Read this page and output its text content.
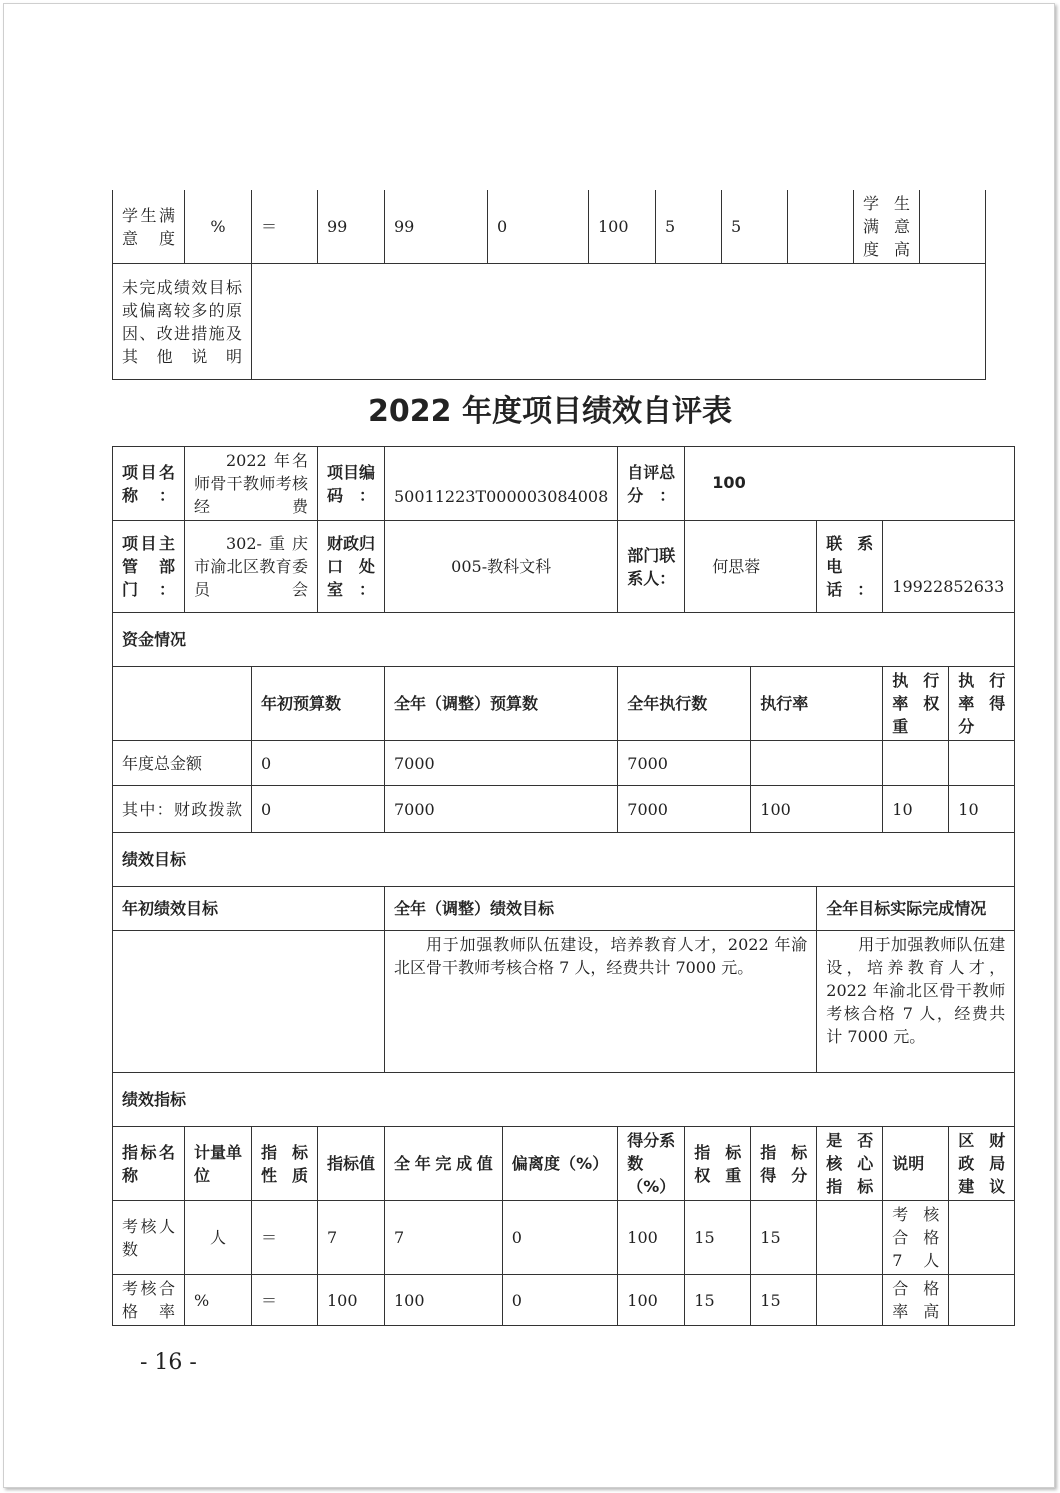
学生满意度	%	＝	99	99	0	100	5	5		学生满意度高	
未完成绩效目标或偏离较多的原因、改进措施及其他说明											
2022 年度项目绩效自评表
项目名称：	2022 年名师骨干教师考核经费		项目编码：	50011223T000003084008		自评总分：	100				
项目主管部门：	302-重庆市渝北区教育委员会		财政归口处室：	005-教科文科		部门联系人：	何思蓉		联系电话：	19922852633	
资金情况											
		年初预算数		全年（调整）预算数		全年执行数		执行率		执行率权重	执行率得分
年度总金额		0		7000		7000					
其中：财政拨款		0		7000		7000		100		10	10
绩效目标											
年初绩效目标				全年（调整）绩效目标					全年目标实际完成情况		
				用于加强教师队伍建设，培养教育人才，2022 年渝北区骨干教师考核合格 7 人，经费共计 7000 元。					用于加强教师队伍建设，培养教育人才，2022 年渝北区骨干教师考核合格 7 人，经费共计 7000 元。		
绩效指标											
指标名称	计量单位	指标性质	指标值	全年完成值	偏离度（%）	得分系数（%）	指标权重	指标得分	是否核心指标	说明	区财政局建议
考核人数	人	＝	7	7	0	100	15	15		考核合格 7 人	
考核合格率	%	＝	100	100	0	100	15	15		合格率高	
- 16 -
